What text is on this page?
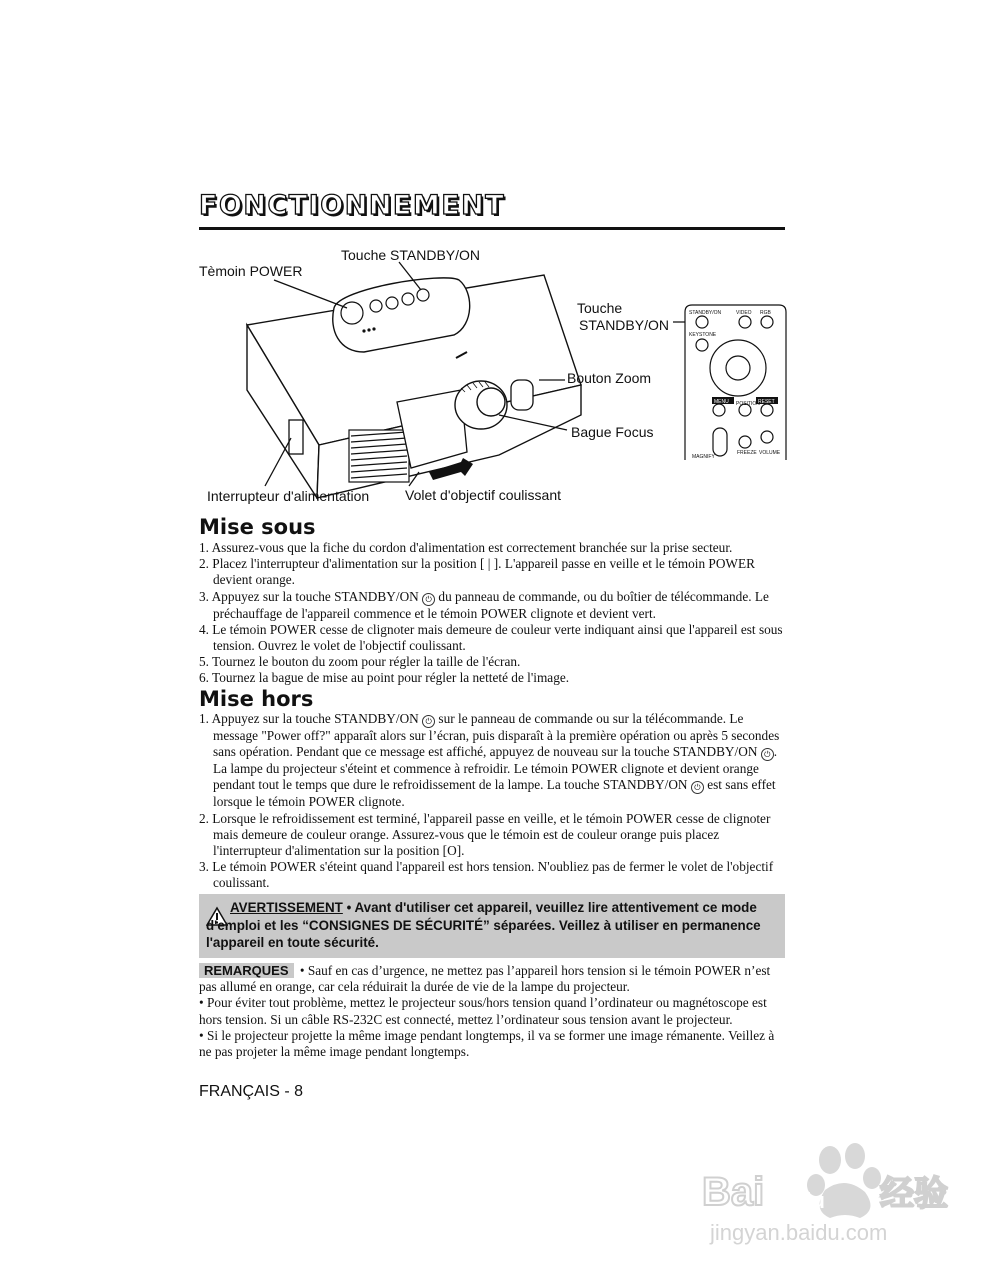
FONCTIONNEMENT
STANDBY/ON	VIDEO RGB
KEYSTONE
POSITION
MAGNIFY
FREEZE VOLUME
MENU	RESET
Touche STANDBY/ON
Tèmoin POWER
Touche
STANDBY/ON
Bouton Zoom
Bague Focus
Interrupteur d'alimentation	Volet d'objectif coulissant
Mise sous
1. Assurez-vous que la fiche du cordon d'alimentation est correctement branchée sur la prise secteur.
2. Placez l'interrupteur d'alimentation sur la position [ | ]. L'appareil passe en veille et le témoin POWER devient orange.
3. Appuyez sur la touche STANDBY/ON ⏻ du panneau de commande, ou du boîtier de télécommande. Le préchauffage de l'appareil commence et le témoin POWER clignote et devient vert.
4. Le témoin POWER cesse de clignoter mais demeure de couleur verte indiquant ainsi que l'appareil est sous tension. Ouvrez le volet de l'objectif coulissant.
5. Tournez le bouton du zoom pour régler la taille de l'écran.
6. Tournez la bague de mise au point pour régler la netteté de l'image.
Mise hors
1. Appuyez sur la touche STANDBY/ON ⏻ sur le panneau de commande ou sur la télécommande. Le message "Power off?" apparaît alors sur l’écran, puis disparaît à la première opération ou après 5 secondes sans opération. Pendant que ce message est affiché, appuyez de nouveau sur la touche STANDBY/ON ⏻. La lampe du projecteur s'éteint et commence à refroidir. Le témoin POWER clignote et devient orange pendant tout le temps que dure le refroidissement de la lampe. La touche STANDBY/ON ⏻ est sans effet lorsque le témoin POWER clignote.
2. Lorsque le refroidissement est terminé, l'appareil passe en veille, et le témoin POWER cesse de clignoter mais demeure de couleur orange. Assurez-vous que le témoin est de couleur orange puis placez l'interrupteur d'alimentation sur la position [O].
3. Le témoin POWER s'éteint quand l'appareil est hors tension. N'oubliez pas de fermer le volet de l'objectif coulissant.
AVERTISSEMENT • Avant d'utiliser cet appareil, veuillez lire attentivement ce mode d'emploi et les “CONSIGNES DE SÉCURITÉ” séparées. Veillez à utiliser en permanence l'appareil en toute sécurité.

REMARQUES • Sauf en cas d’urgence, ne mettez pas l’appareil hors tension si le témoin POWER n’est pas allumé en orange, car cela réduirait la durée de vie de la lampe du projecteur.

• Pour éviter tout problème, mettez le projecteur sous/hors tension quand l’ordinateur ou magnétoscope est hors tension. Si un câble RS-232C est connecté, mettez l’ordinateur sous tension avant le projecteur.

• Si le projecteur projette la même image pendant longtemps, il va se former une image rémanente. Veillez à ne pas projeter la même image pendant longtemps.

FRANÇAIS - 8
Bai du 经验
jingyan.baidu.com
